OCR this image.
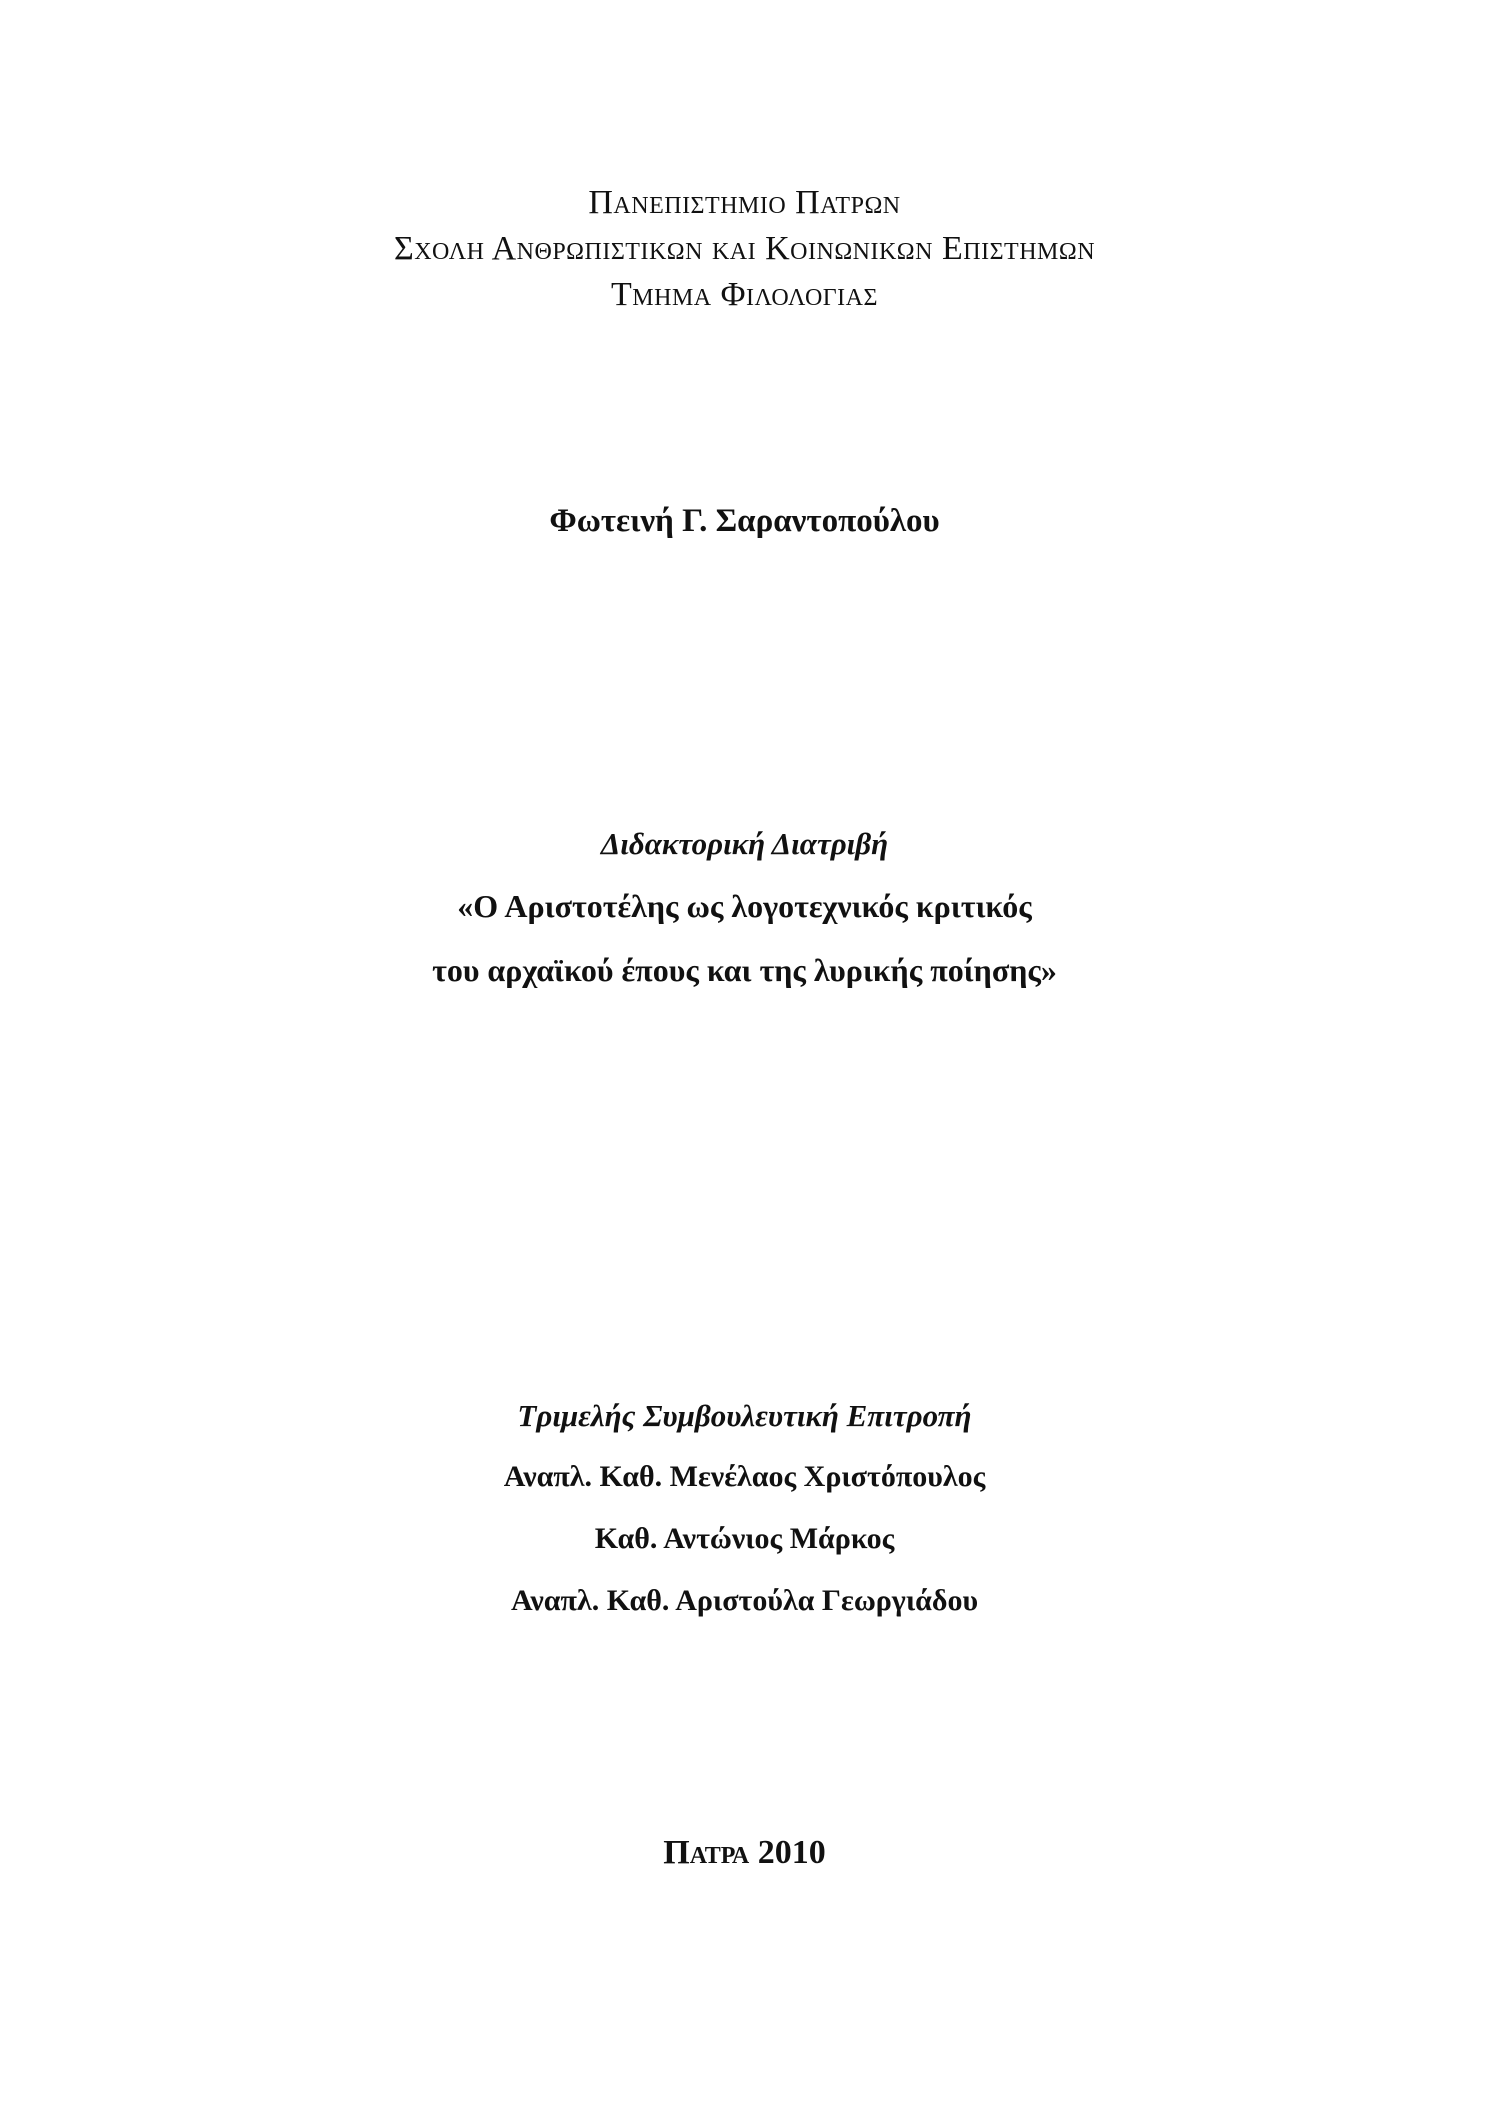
Πανεπιστημιο Πατρων
Σχολη Ανθρωπιστικων και Κοινωνικων Επιστημων
Τμημα Φιλολογιας
Φωτεινή Γ. Σαραντοπούλου
Διδακτορική Διατριβή
«Ο Αριστοτέλης ως λογοτεχνικός κριτικός
του αρχαϊκού έπους και της λυρικής ποίησης»
Τριμελής Συμβουλευτική Επιτροπή
Αναπλ. Καθ. Μενέλαος Χριστόπουλος
Καθ. Αντώνιος Μάρκος
Αναπλ. Καθ. Αριστούλα Γεωργιάδου
Πατρα 2010
